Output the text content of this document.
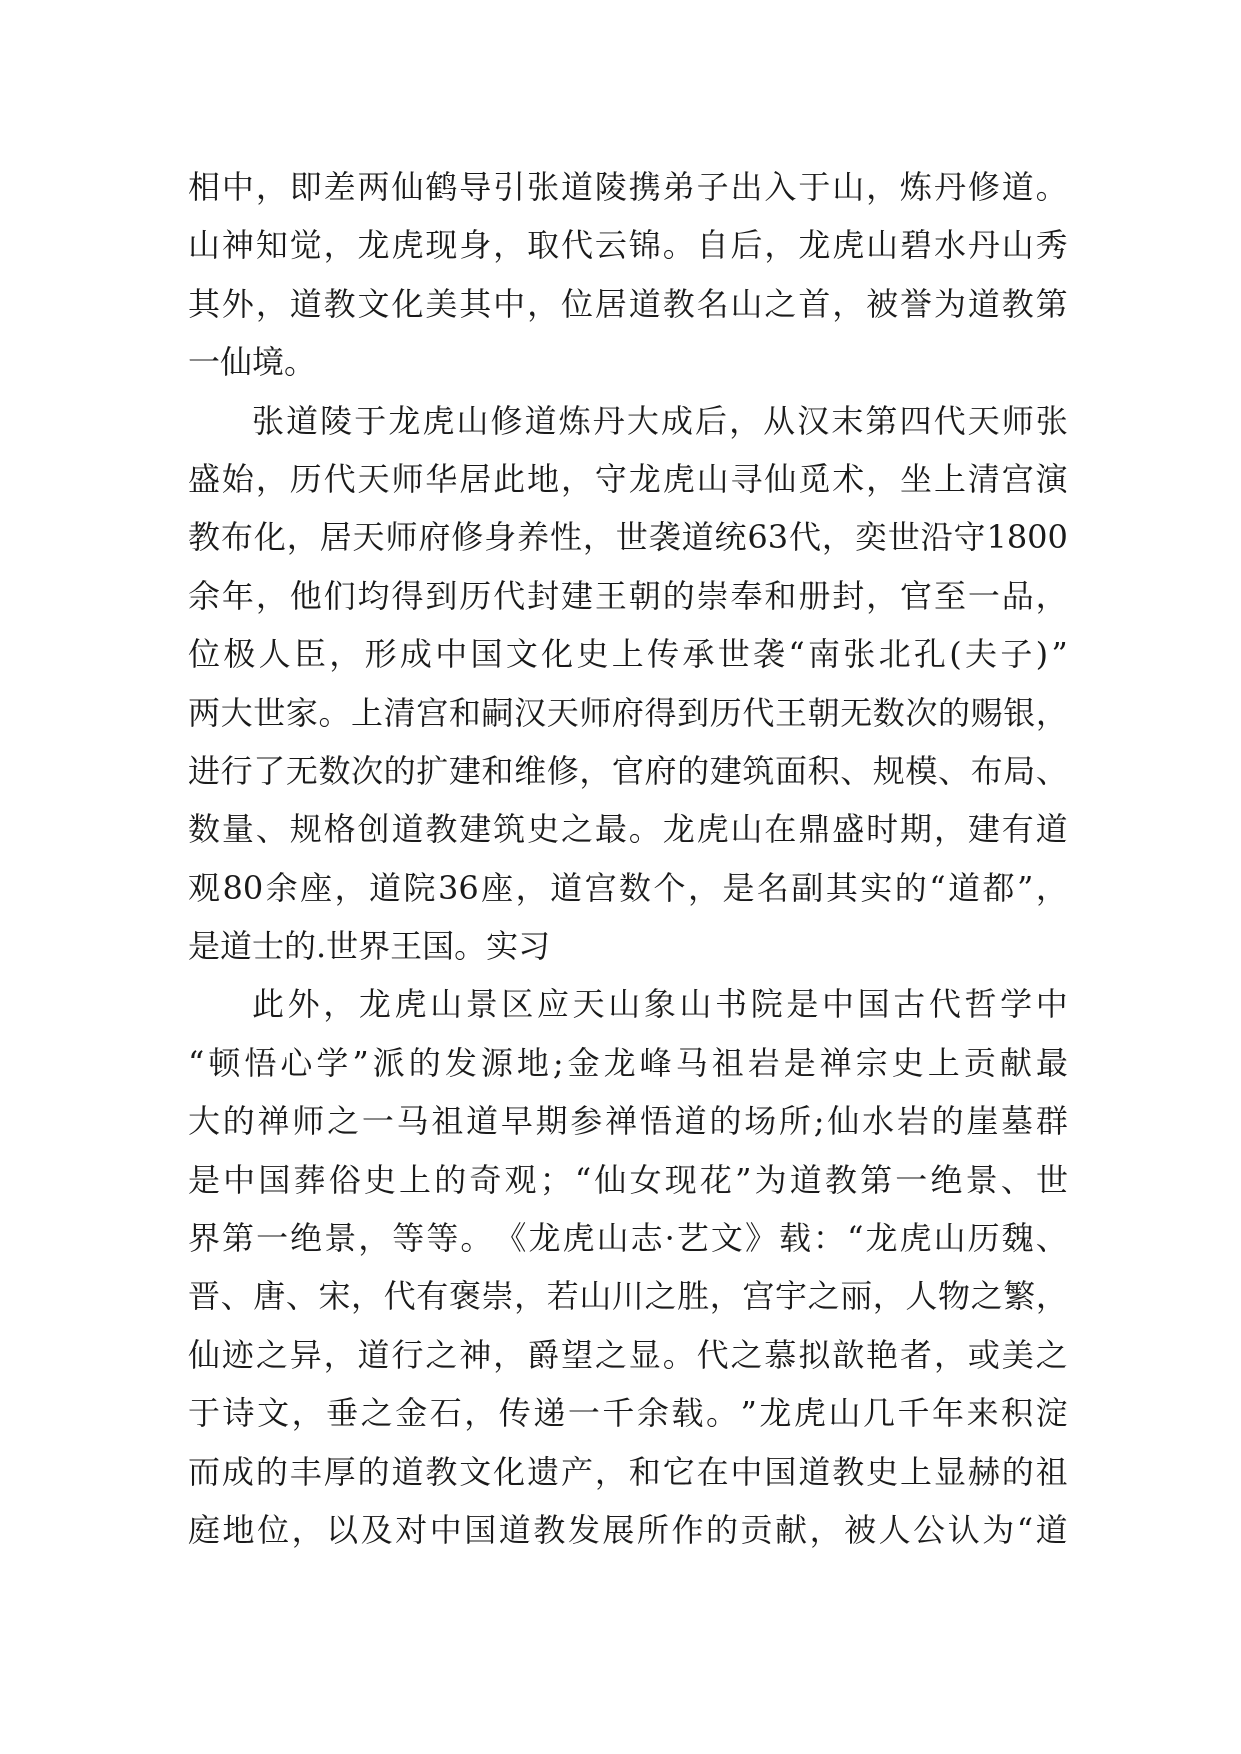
相 中 ， 即 差 两 仙 鹤 导 引 张 道 陵 携 弟 子 出 入 于 山 ， 炼 丹 修 道 。
山 神 知 觉 ， 龙 虎 现 身 ， 取 代 云 锦 。 自 后 ， 龙 虎 山 碧 水 丹 山 秀
其 外 ， 道 教 文 化 美 其 中 ， 位 居 道 教 名 山 之 首 ， 被 誉 为 道 教 第
一仙境。
张 道 陵 于 龙 虎 山 修 道 炼 丹 大 成 后 ， 从 汉 末 第 四 代 天 师 张
盛 始 ， 历 代 天 师 华 居 此 地 ， 守 龙 虎 山 寻 仙 觅 术 ， 坐 上 清 宫 演
教 布 化 ， 居 天 师 府 修 身 养 性 ， 世 袭 道 统 63 代 ， 奕 世 沿 守 1800
余 年 ， 他 们 均 得 到 历 代 封 建 王 朝 的 崇 奉 和 册 封 ， 官 至 一 品 ，
位 极 人 臣 ， 形 成 中 国 文 化 史 上 传 承 世 袭 “ 南 张 北 孔 ( 夫 子 ) ”
两 大 世 家 。 上 清 宫 和 嗣 汉 天 师 府 得 到 历 代 王 朝 无 数 次 的 赐 银 ，
进 行 了 无 数 次 的 扩 建 和 维 修 ， 官 府 的 建 筑 面 积 、 规 模 、 布 局 、
数 量 、 规 格 创 道 教 建 筑 史 之 最 。 龙 虎 山 在 鼎 盛 时 期 ， 建 有 道
观 80 余 座 ， 道 院 36 座 ， 道 宫 数 个 ， 是 名 副 其 实 的 “ 道 都 ” ，
是道士的.世界王国。实习
此 外 ， 龙 虎 山 景 区 应 天 山 象 山 书 院 是 中 国 古 代 哲 学 中
“ 顿 悟 心 学 ” 派 的 发 源 地 ; 金 龙 峰 马 祖 岩 是 禅 宗 史 上 贡 献 最
大 的 禅 师 之 一 马 祖 道 早 期 参 禅 悟 道 的 场 所 ; 仙 水 岩 的 崖 墓 群
是 中 国 葬 俗 史 上 的 奇 观 ； “ 仙 女 现 花 ” 为 道 教 第 一 绝 景 、 世
界 第 一 绝 景 ， 等 等 。 《 龙 虎 山 志 · 艺 文 》 载 ： “ 龙 虎 山 历 魏 、
晋 、 唐 、 宋 ， 代 有 褒 崇 ， 若 山 川 之 胜 ， 宫 宇 之 丽 ， 人 物 之 繁 ，
仙 迹 之 异 ， 道 行 之 神 ， 爵 望 之 显 。 代 之 慕 拟 歆 艳 者 ， 或 美 之
于 诗 文 ， 垂 之 金 石 ， 传 递 一 千 余 载 。 ” 龙 虎 山 几 千 年 来 积 淀
而 成 的 丰 厚 的 道 教 文 化 遗 产 ， 和 它 在 中 国 道 教 史 上 显 赫 的 祖
庭 地 位 ， 以 及 对 中 国 道 教 发 展 所 作 的 贡 献 ， 被 人 公 认 为 “ 道
